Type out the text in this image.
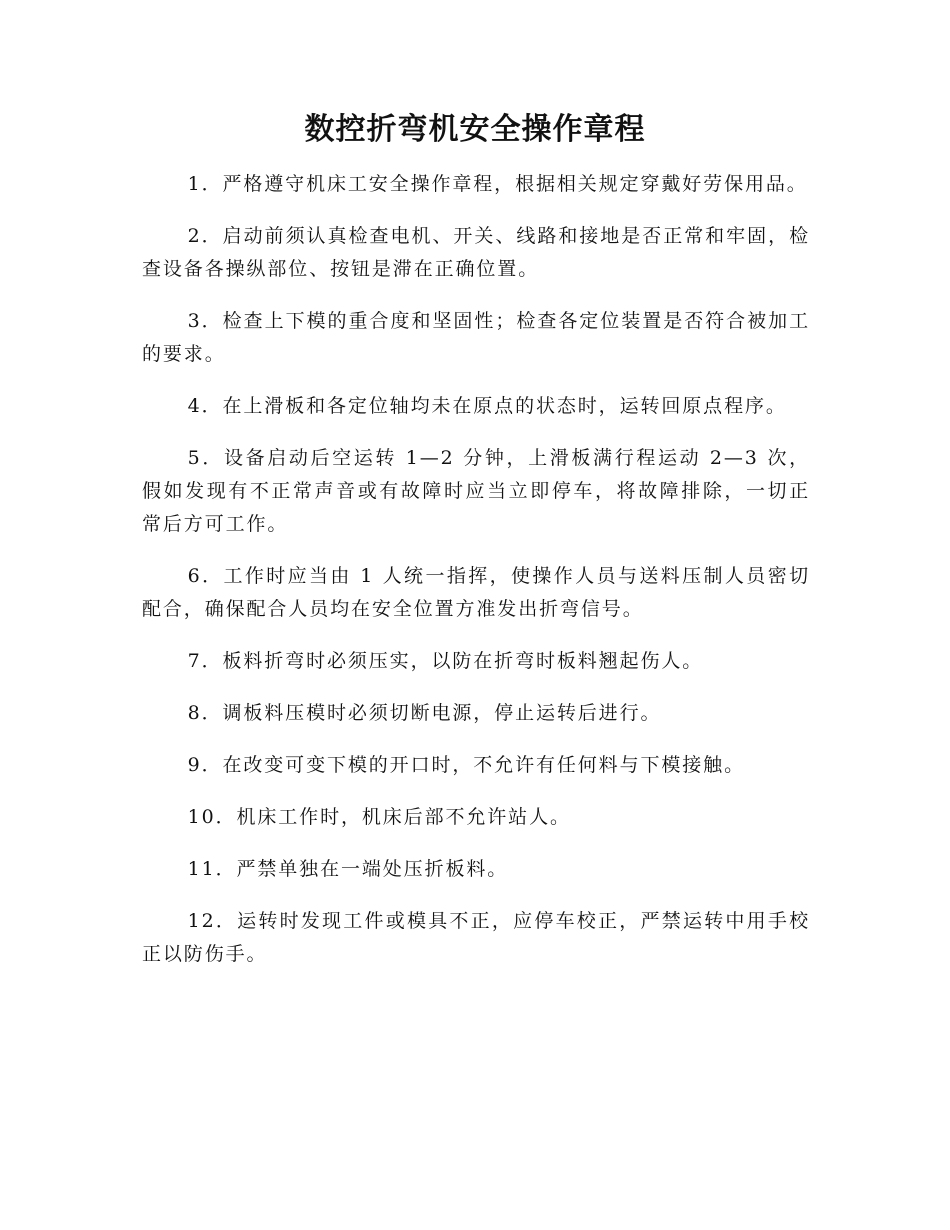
数控折弯机安全操作章程

1．严格遵守机床工安全操作章程，根据相关规定穿戴好劳保用品。

2．启动前须认真检查电机、开关、线路和接地是否正常和牢固，检查设备各操纵部位、按钮是滞在正确位置。

3．检查上下模的重合度和坚固性；检查各定位装置是否符合被加工的要求。

4．在上滑板和各定位轴均未在原点的状态时，运转回原点程序。

5．设备启动后空运转 1—2 分钟，上滑板满行程运动 2—3 次，假如发现有不正常声音或有故障时应当立即停车，将故障排除，一切正常后方可工作。

6．工作时应当由 1 人统一指挥，使操作人员与送料压制人员密切配合，确保配合人员均在安全位置方准发出折弯信号。

7．板料折弯时必须压实，以防在折弯时板料翘起伤人。

8．调板料压模时必须切断电源，停止运转后进行。

9．在改变可变下模的开口时，不允许有任何料与下模接触。

10．机床工作时，机床后部不允许站人。

11．严禁单独在一端处压折板料。

12．运转时发现工件或模具不正，应停车校正，严禁运转中用手校正以防伤手。
